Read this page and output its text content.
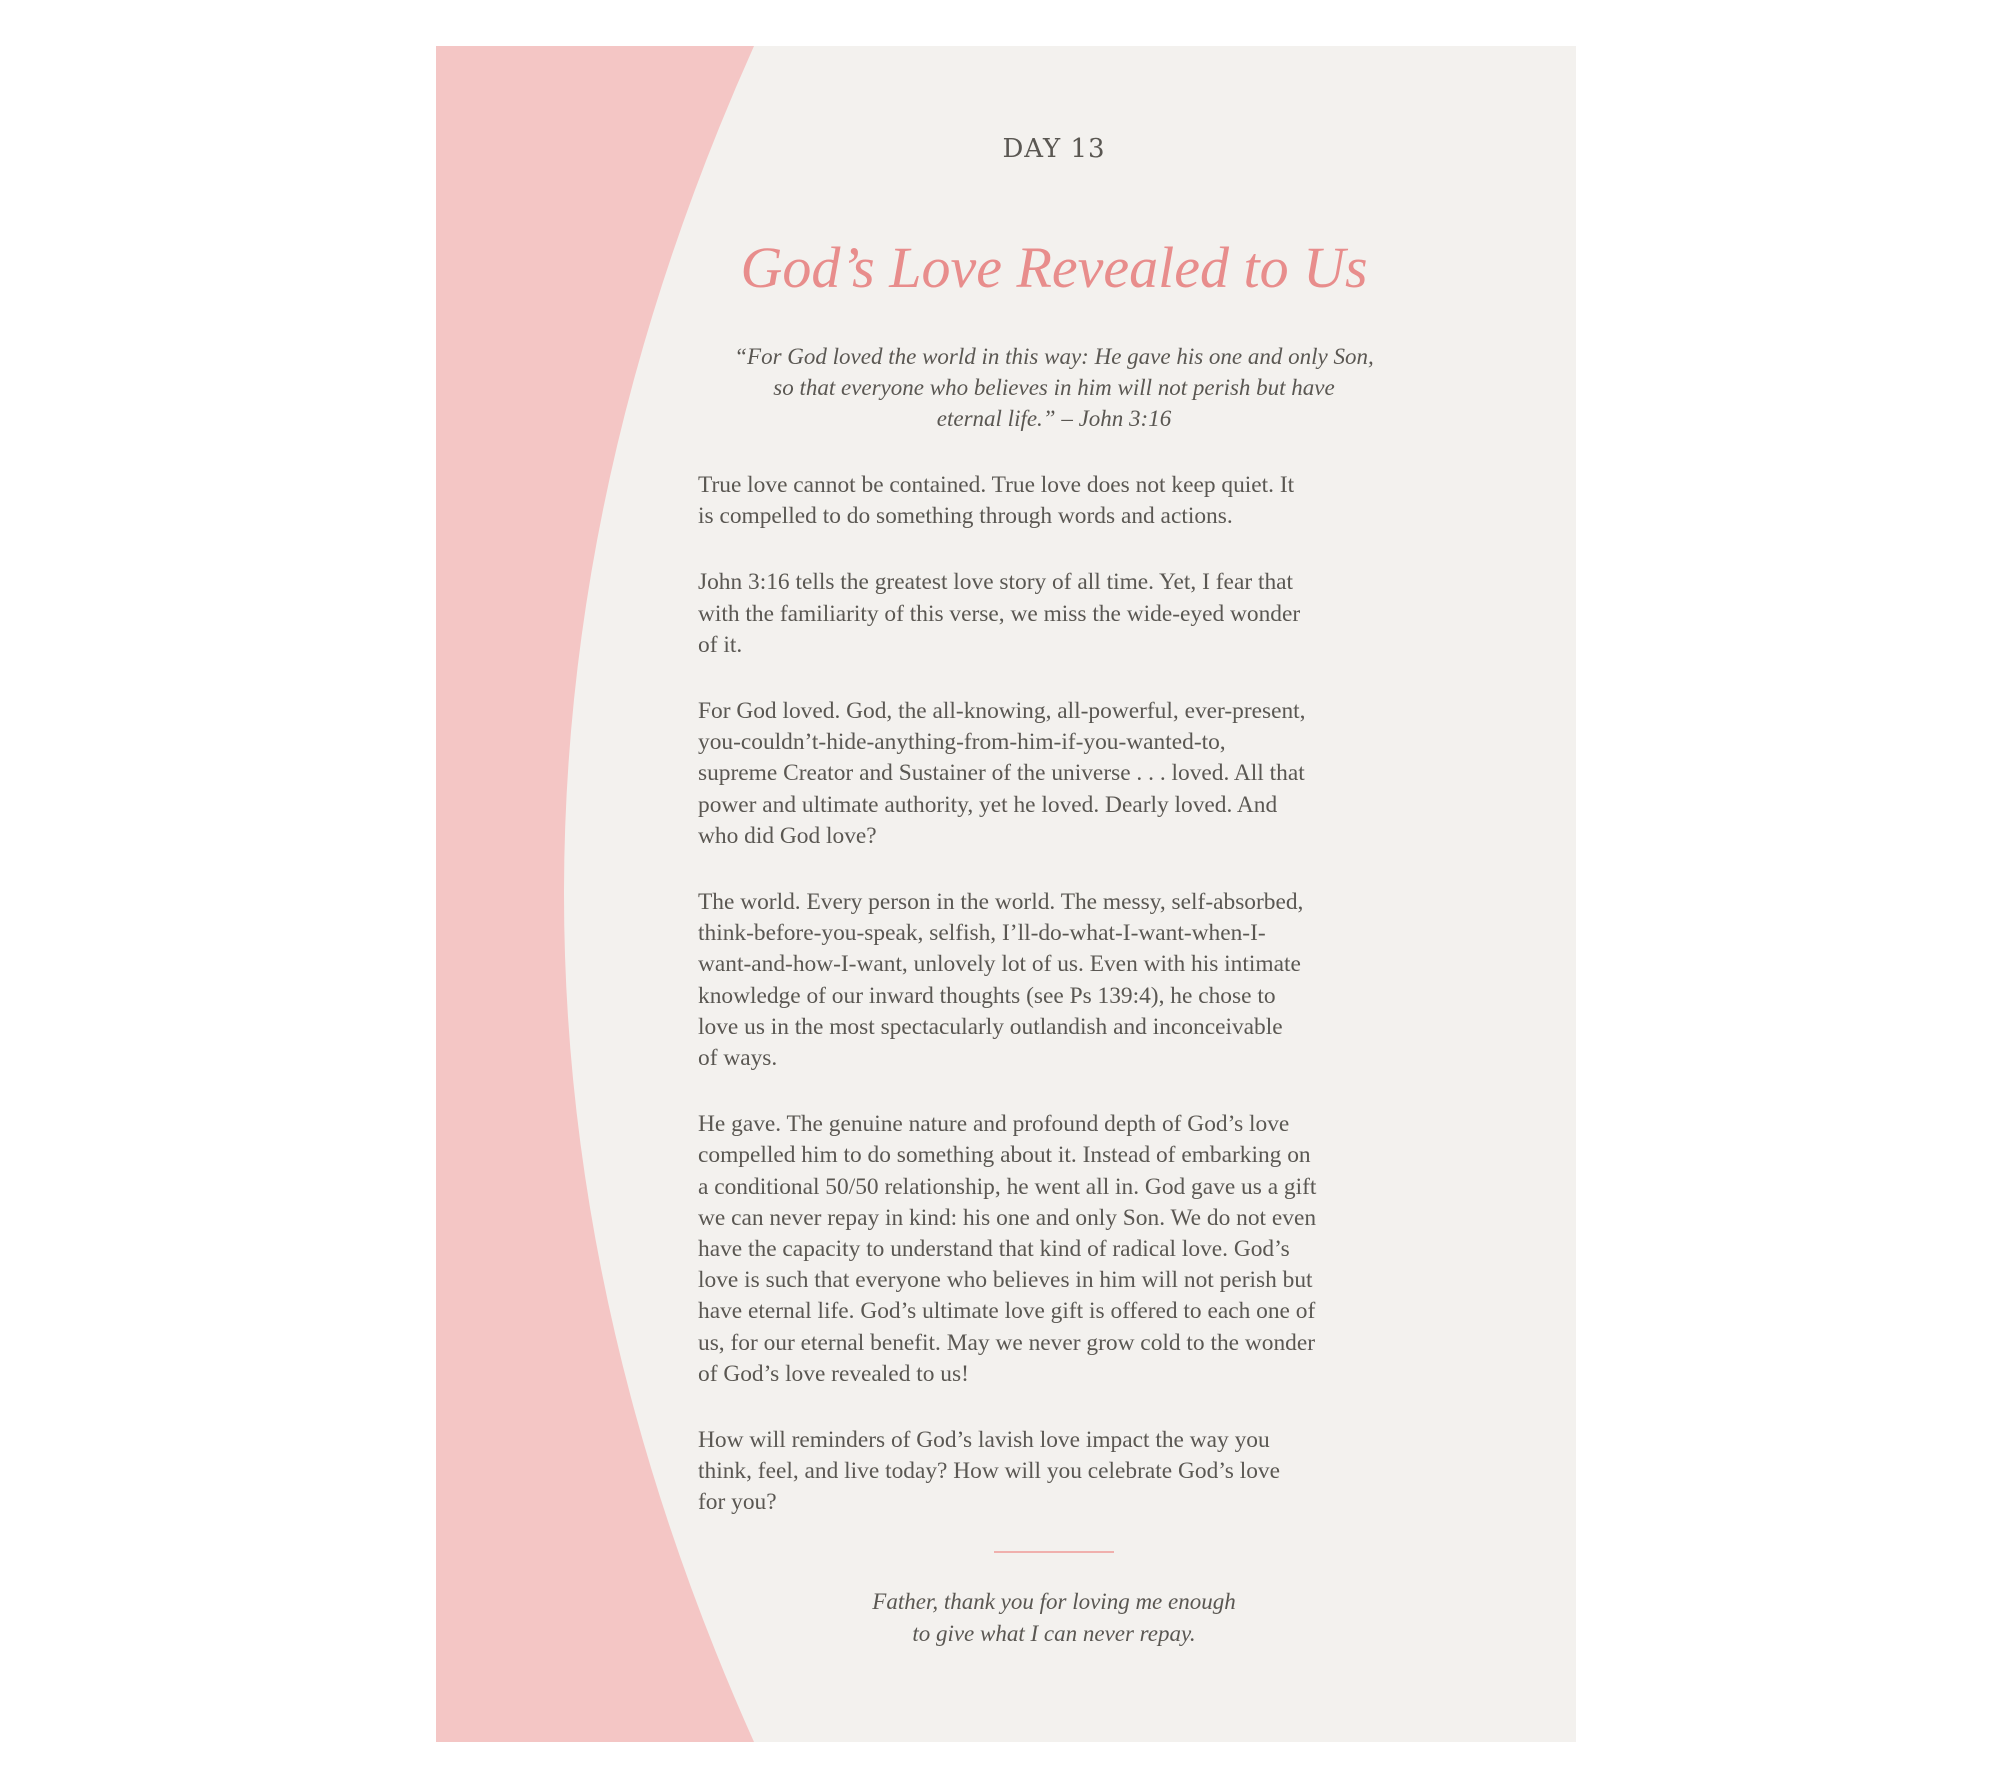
DAY 13
God’s Love Revealed to Us
“For God loved the world in this way: He gave his one and only Son,
so that everyone who believes in him will not perish but have
eternal life.” – John 3:16

True love cannot be contained. True love does not keep quiet. It
is compelled to do something through words and actions.

John 3:16 tells the greatest love story of all time. Yet, I fear that
with the familiarity of this verse, we miss the wide-eyed wonder
of it.

For God loved. God, the all-knowing, all-powerful, ever-present,
you-couldn’t-hide-anything-from-him-if-you-wanted-to,
supreme Creator and Sustainer of the universe . . . loved. All that
power and ultimate authority, yet he loved. Dearly loved. And
who did God love?

The world. Every person in the world. The messy, self-absorbed,
think-before-you-speak, selfish, I’ll-do-what-I-want-when-I-
want-and-how-I-want, unlovely lot of us. Even with his intimate
knowledge of our inward thoughts (see Ps 139:4), he chose to
love us in the most spectacularly outlandish and inconceivable
of ways.

He gave. The genuine nature and profound depth of God’s love
compelled him to do something about it. Instead of embarking on
a conditional 50/50 relationship, he went all in. God gave us a gift
we can never repay in kind: his one and only Son. We do not even
have the capacity to understand that kind of radical love. God’s
love is such that everyone who believes in him will not perish but
have eternal life. God’s ultimate love gift is offered to each one of
us, for our eternal benefit. May we never grow cold to the wonder
of God’s love revealed to us!

How will reminders of God’s lavish love impact the way you
think, feel, and live today? How will you celebrate God’s love
for you?

Father, thank you for loving me enough
to give what I can never repay.
